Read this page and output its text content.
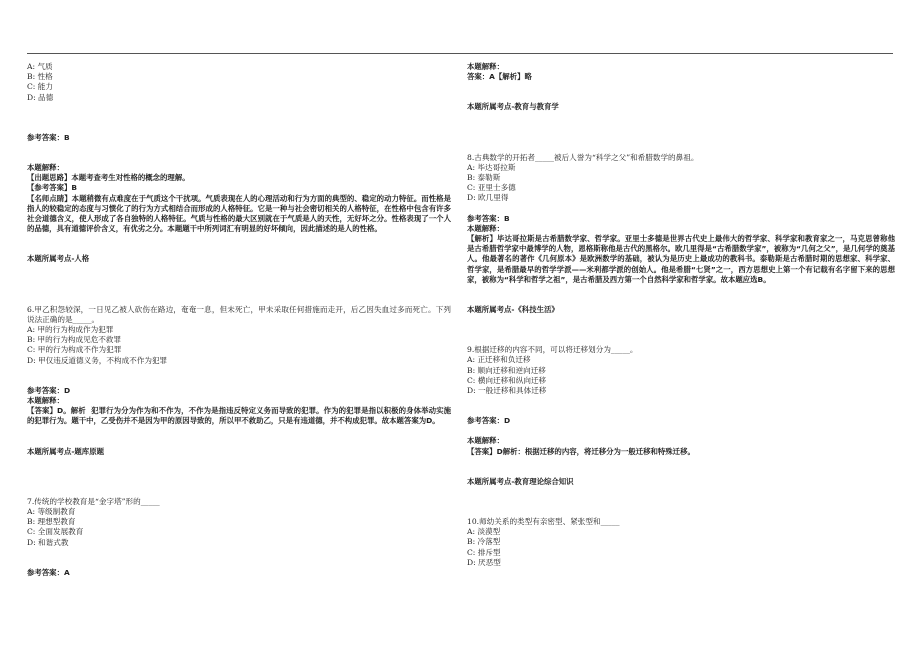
A: 气质
B: 性格
C: 能力
D: 品德
参考答案：B
本题解释：
【出题思路】本题考查考生对性格的概念的理解。
【参考答案】B
【名师点睛】本题稍微有点难度在于气质这个干扰项。气质表现在人的心理活动和行为方面的典型的、稳定的动力特征。而性格是指人的较稳定的态度与习惯化了的行为方式相结合而形成的人格特征。它是一种与社会密切相关的人格特征，在性格中包含有许多社会道德含义，使人形成了各自独特的人格特征。气质与性格的最大区别就在于气质是人的天性，无好坏之分。性格表现了一个人的品德，具有道德评价含义，有优劣之分。本题题干中所列词汇有明显的好坏倾向，因此描述的是人的性格。
本题所属考点-人格
6.甲乙积怨较深，一日见乙被人砍伤在路边，奄奄一息，但未死亡，甲未采取任何措施而走开，后乙因失血过多而死亡。下列说法正确的是_____。
A: 甲的行为构成作为犯罪
B: 甲的行为构成见危不救罪
C: 甲的行为构成不作为犯罪
D: 甲仅违反道德义务，不构成不作为犯罪
参考答案：D
本题解释：
【答案】D。解析  犯罪行为分为作为和不作为，不作为是指违反特定义务而导致的犯罪。作为的犯罪是指以积极的身体举动实施的犯罪行为。题干中，乙受伤并不是因为甲的原因导致的，所以甲不救助乙，只是有违道德，并不构成犯罪。故本题答案为D。
本题所属考点-题库原题
7.传统的学校教育是“金字塔”形的_____
A: 等级制教育
B: 理想型教育
C: 全面发展教育
D: 和谐式教
参考答案：A
本题解释：
答案：A【解析】略
本题所属考点-教育与教育学
8.古典数学的开拓者_____被后人誉为“科学之父”和希腊数学的鼻祖。
A: 毕达哥拉斯
B: 泰勒斯
C: 亚里士多德
D: 欧几里得
参考答案：B
本题解释：
【解析】毕达哥拉斯是古希腊数学家、哲学家。亚里士多德是世界古代史上最伟大的哲学家、科学家和教育家之一，马克思曾称他是古希腊哲学家中最博学的人物，恩格斯称他是古代的黑格尔。欧几里得是“古希腊数学家”，被称为“几何之父”，是几何学的奠基人。他最著名的著作《几何原本》是欧洲数学的基础，被认为是历史上最成功的教科书。泰勒斯是古希腊时期的思想家、科学家、哲学家，是希腊最早的哲学学派——米利都学派的创始人。他是希腊“七贤”之一，西方思想史上第一个有记载有名字留下来的思想家，被称为“科学和哲学之祖”，是古希腊及西方第一个自然科学家和哲学家。故本题应选B。
本题所属考点-《科技生活》
9.根据迁移的内容不同，可以将迁移划分为_____。
A: 正迁移和负迁移
B: 顺向迁移和逆向迁移
C: 横向迁移和纵向迁移
D: 一般迁移和具体迁移
参考答案：D
本题解释：
【答案】D解析：根据迁移的内容，将迁移分为一般迁移和特殊迁移。
本题所属考点-教育理论综合知识
10.师幼关系的类型有亲密型、紧张型和_____
A: 淡漠型
B: 冷落型
C: 排斥型
D: 厌恶型
